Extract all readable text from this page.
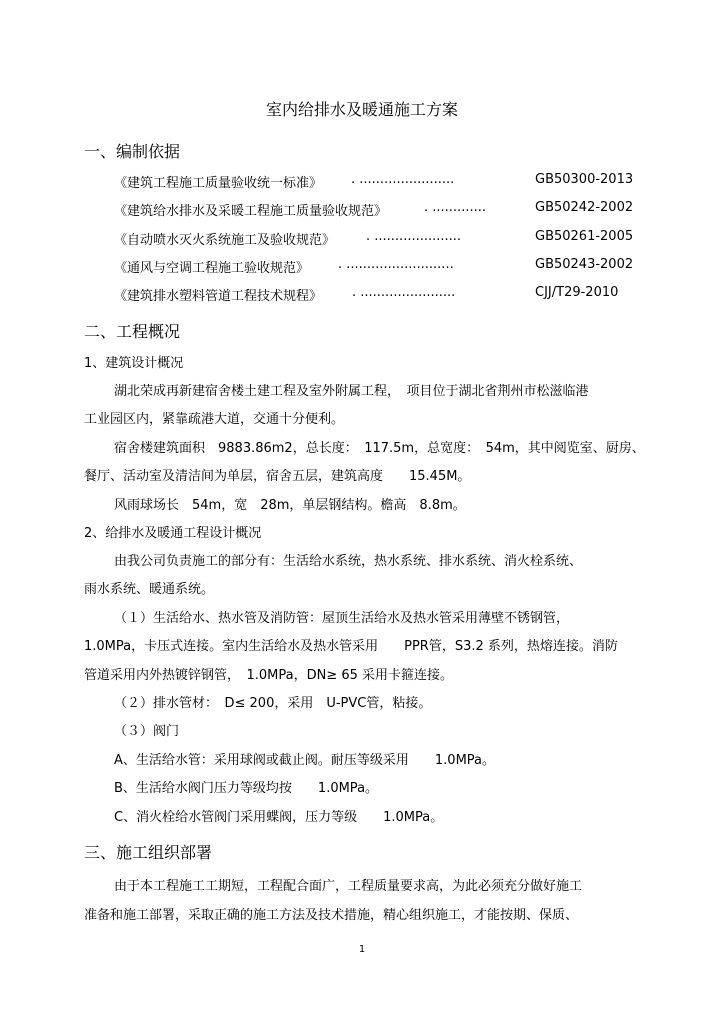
室内给排水及暖通施工方案
一、编制依据
《建筑工程施工质量验收统一标准》 . .......................	GB50300-2013
《建筑给水排水及采暖工程施工质量验收规范》	. .............	GB50242-2002
《自动喷水灭火系统施工及验收规范》 . .....................	GB50261-2005
《通风与空调工程施工验收规范》 . ..........................	GB50243-2002
《建筑排水塑料管道工程技术规程》 . .......................	CJJ/T29-2010
二、工程概况
1、建筑设计概况
湖北荣成再新建宿舍楼土建工程及室外附属工程，　项目位于湖北省荆州市松滋临港
工业园区内，紧靠疏港大道，交通十分便利。
宿舍楼建筑面积　9883.86m2，总长度：　117.5m，总宽度：　54m，其中阅览室、厨房、
餐厅、活动室及清洁间为单层，宿舍五层，建筑高度　　15.45M。
风雨球场长　54m，宽　28m，单层钢结构。檐高　8.8m。
2、给排水及暖通工程设计概况
由我公司负责施工的部分有：生活给水系统，热水系统、排水系统、消火栓系统、
雨水系统、暖通系统。
（１）生活给水、热水管及消防管：屋顶生活给水及热水管采用薄壁不锈钢管，
1.0MPa，卡压式连接。室内生活给水及热水管采用　　PPR管，S3.2 系列，热熔连接。消防
管道采用内外热镀锌钢管，　1.0MPa，DN≥ 65 采用卡箍连接。
（２）排水管材：　D≤ 200，采用　U-PVC管，粘接。
（３）阀门
A、生活给水管：采用球阀或截止阀。耐压等级采用　　1.0MPa。
B、生活给水阀门压力等级均按　　1.0MPa。
C、消火栓给水管阀门采用蝶阀，压力等级　　1.0MPa。
三、施工组织部署
由于本工程施工工期短，工程配合面广，工程质量要求高，为此必须充分做好施工
准备和施工部署，采取正确的施工方法及技术措施，精心组织施工，才能按期、保质、
1
